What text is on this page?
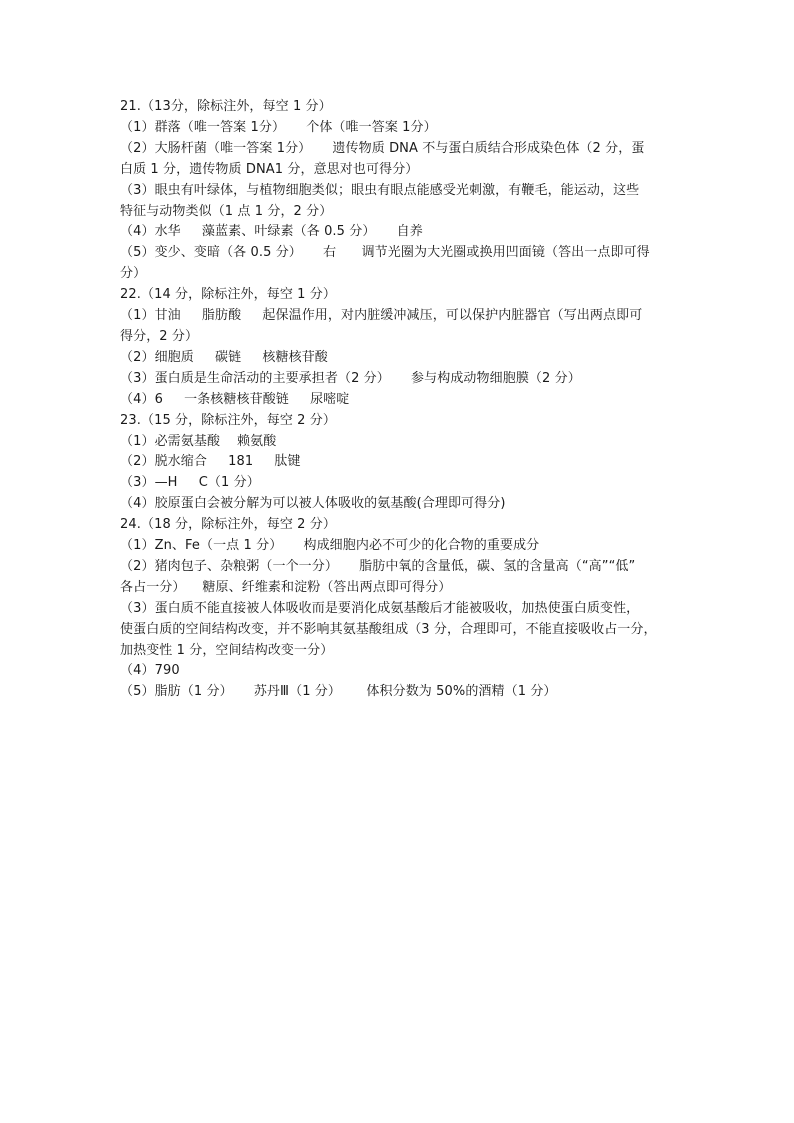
21.（13分，除标注外，每空 1 分）
（1）群落（唯一答案 1分）     个体（唯一答案 1分）
（2）大肠杆菌（唯一答案 1分）     遗传物质 DNA 不与蛋白质结合形成染色体（2 分，蛋
白质 1 分，遗传物质 DNA1 分，意思对也可得分）
（3）眼虫有叶绿体，与植物细胞类似；眼虫有眼点能感受光刺激，有鞭毛，能运动，这些
特征与动物类似（1 点 1 分，2 分）
（4）水华     藻蓝素、叶绿素（各 0.5 分）     自养
（5）变少、变暗（各 0.5 分）     右      调节光圈为大光圈或换用凹面镜（答出一点即可得
分）
22.（14 分，除标注外，每空 1 分）
（1）甘油     脂肪酸     起保温作用，对内脏缓冲减压，可以保护内脏器官（写出两点即可
得分，2 分）
（2）细胞质     碳链     核糖核苷酸
（3）蛋白质是生命活动的主要承担者（2 分）     参与构成动物细胞膜（2 分）
（4）6     一条核糖核苷酸链     尿嘧啶
23.（15 分，除标注外，每空 2 分）
（1）必需氨基酸    赖氨酸
（2）脱水缩合     181     肽键
（3）—H     C（1 分）
（4）胶原蛋白会被分解为可以被人体吸收的氨基酸(合理即可得分)
24.（18 分，除标注外，每空 2 分）
（1）Zn、Fe（一点 1 分）     构成细胞内必不可少的化合物的重要成分
（2）猪肉包子、杂粮粥（一个一分）     脂肪中氧的含量低，碳、氢的含量高（“高”“低”
各占一分）    糖原、纤维素和淀粉（答出两点即可得分）
（3）蛋白质不能直接被人体吸收而是要消化成氨基酸后才能被吸收，加热使蛋白质变性，
使蛋白质的空间结构改变，并不影响其氨基酸组成（3 分，合理即可，不能直接吸收占一分，
加热变性 1 分，空间结构改变一分）
（4）790
（5）脂肪（1 分）     苏丹Ⅲ（1 分）      体积分数为 50%的酒精（1 分）
